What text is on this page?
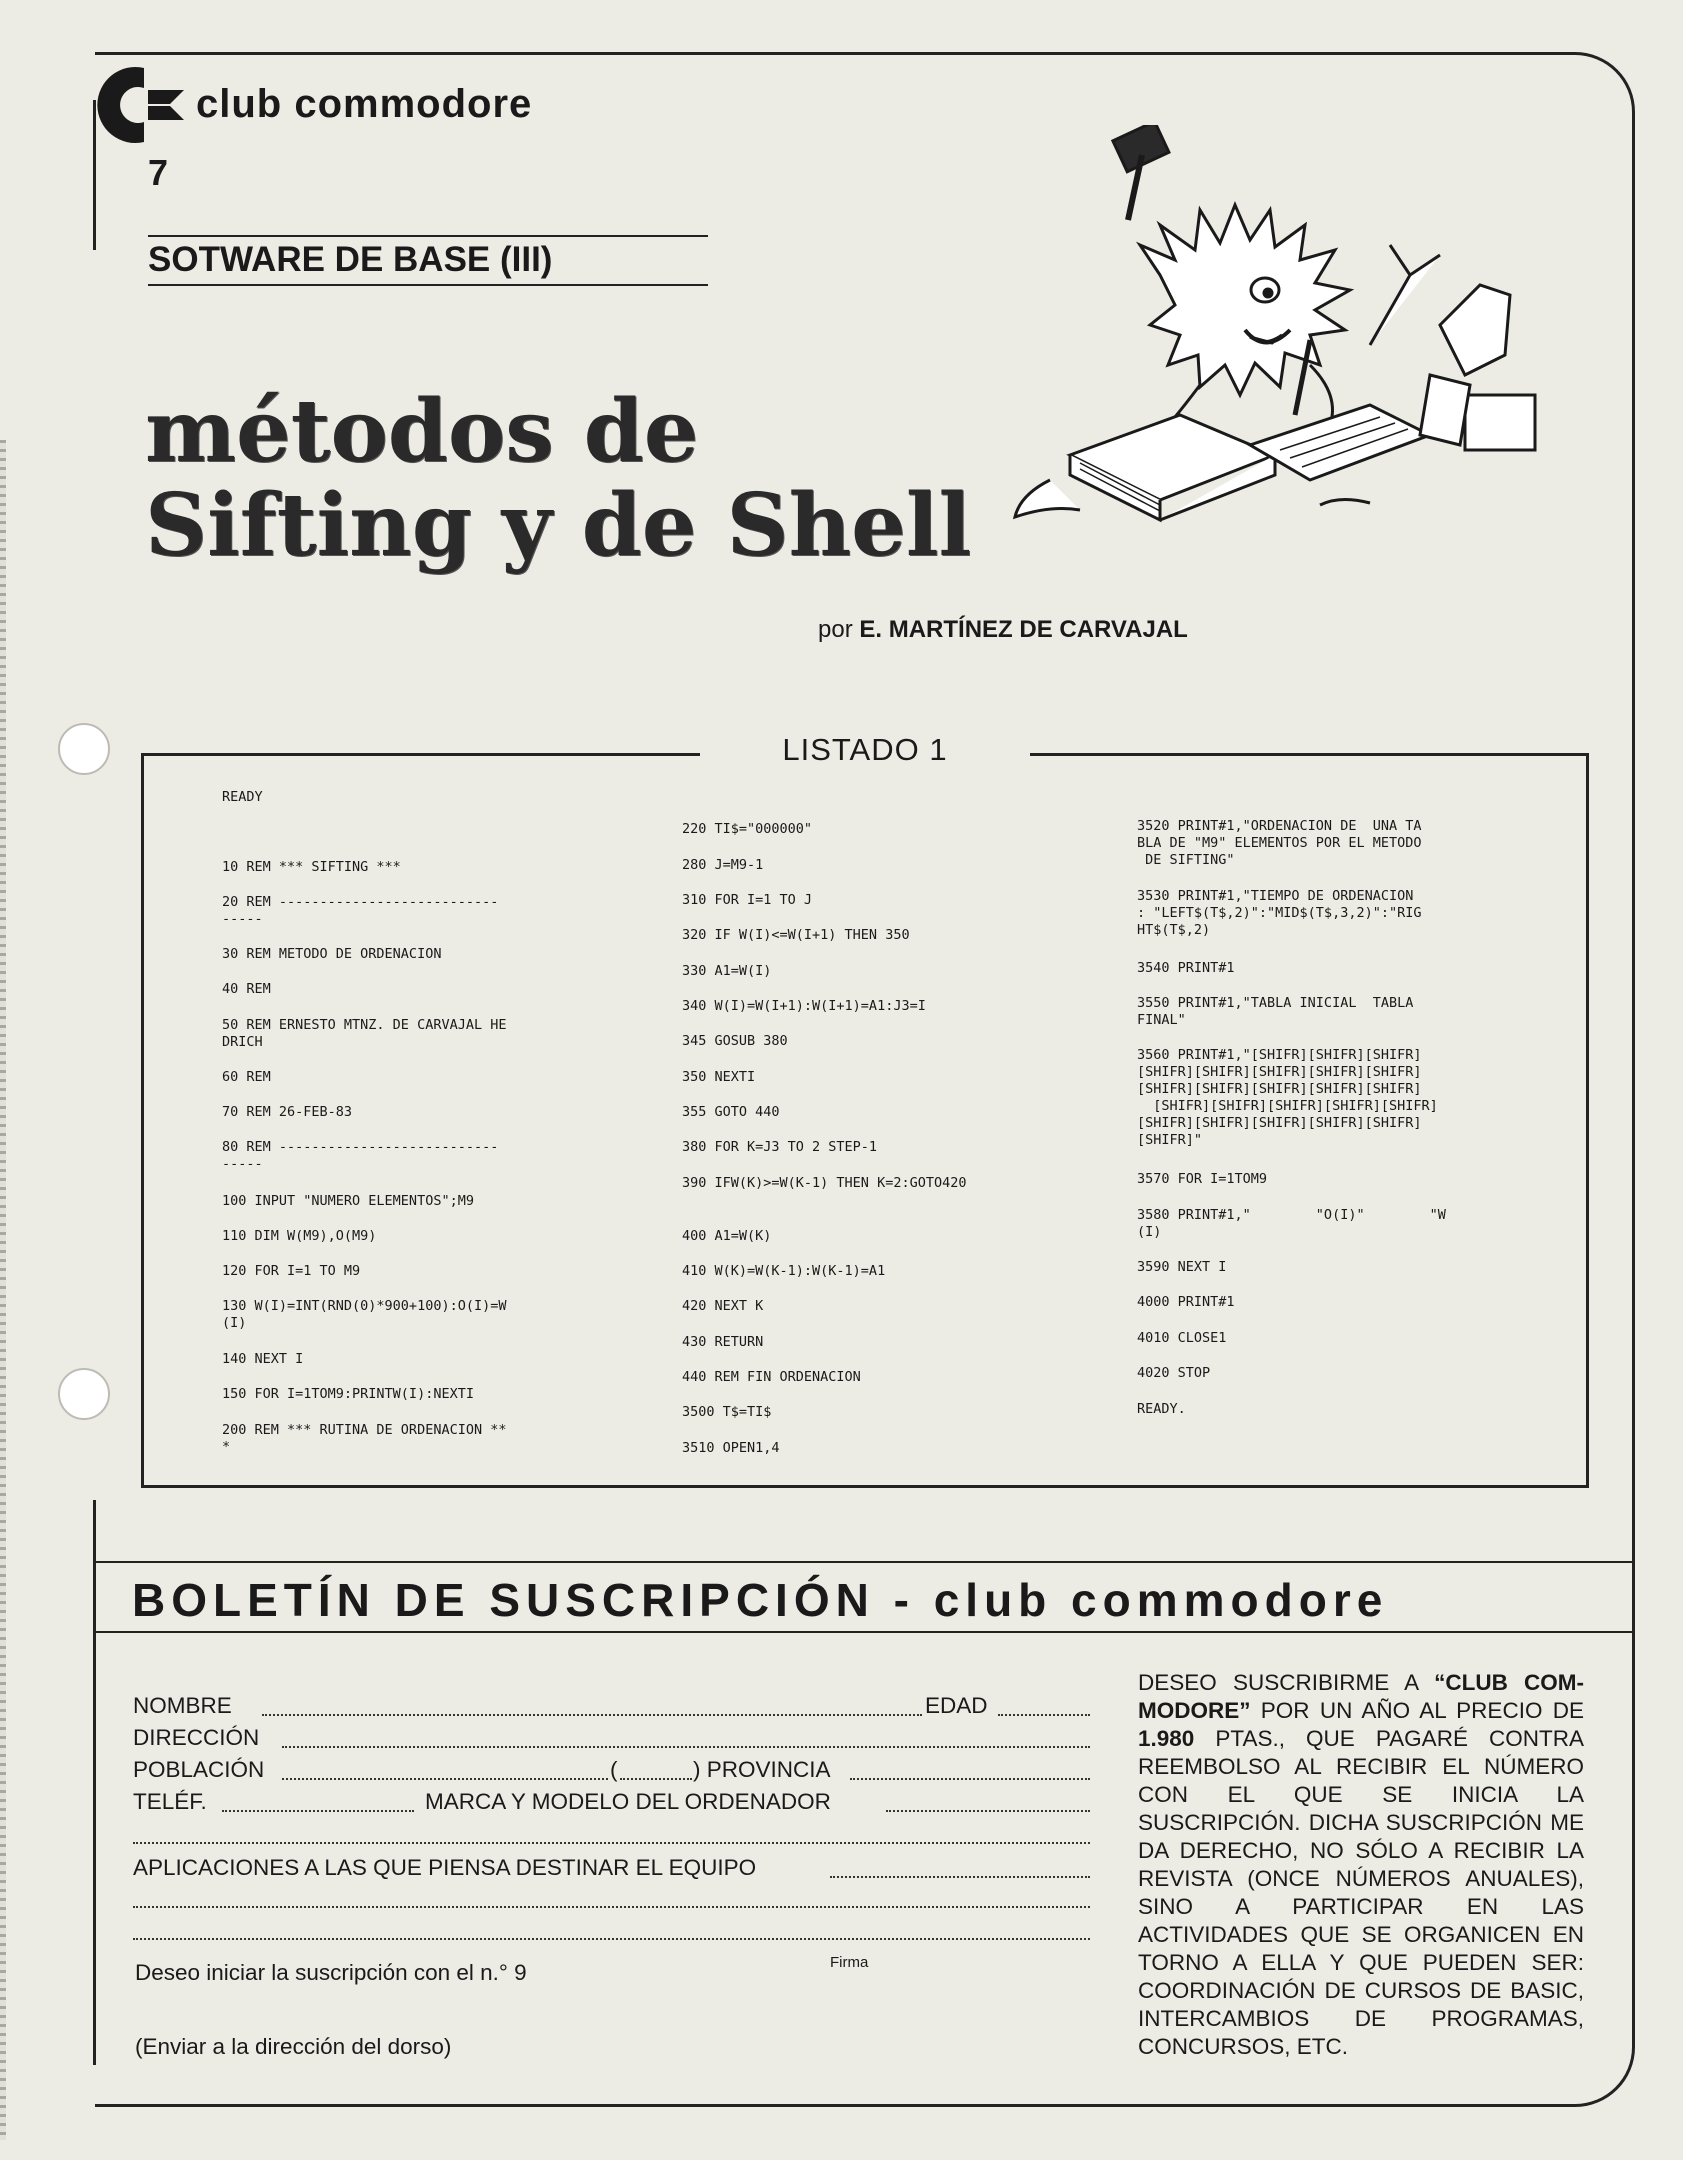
club commodore
7
SOTWARE DE BASE (III)
métodos de
Sifting y de Shell
por E. MARTÍNEZ DE CARVAJAL
LISTADO 1
READY
10 REM *** SIFTING ***
20 REM ---------------------------
-----
30 REM METODO DE ORDENACION
40 REM
50 REM ERNESTO MTNZ. DE CARVAJAL HE
DRICH
60 REM
70 REM 26-FEB-83
80 REM ---------------------------
-----
100 INPUT "NUMERO ELEMENTOS";M9
110 DIM W(M9),O(M9)
120 FOR I=1 TO M9
130 W(I)=INT(RND(0)*900+100):O(I)=W
(I)
140 NEXT I
150 FOR I=1TOM9:PRINTW(I):NEXTI
200 REM *** RUTINA DE ORDENACION **
*
220 TI$="000000"
280 J=M9-1
310 FOR I=1 TO J
320 IF W(I)<=W(I+1) THEN 350
330 A1=W(I)
340 W(I)=W(I+1):W(I+1)=A1:J3=I
345 GOSUB 380
350 NEXTI
355 GOTO 440
380 FOR K=J3 TO 2 STEP-1
390 IFW(K)>=W(K-1) THEN K=2:GOTO420
400 A1=W(K)
410 W(K)=W(K-1):W(K-1)=A1
420 NEXT K
430 RETURN
440 REM FIN ORDENACION
3500 T$=TI$
3510 OPEN1,4
3520 PRINT#1,"ORDENACION DE  UNA TA
BLA DE "M9" ELEMENTOS POR EL METODO
DE SIFTING"
3530 PRINT#1,"TIEMPO DE ORDENACION
: "LEFT$(T$,2)":"MID$(T$,3,2)":"RIG
HT$(T$,2)
3540 PRINT#1
3550 PRINT#1,"TABLA INICIAL  TABLA
FINAL"
3560 PRINT#1,"[SHIFR][SHIFR][SHIFR]
[SHIFR][SHIFR][SHIFR][SHIFR][SHIFR]
[SHIFR][SHIFR][SHIFR][SHIFR][SHIFR]
[SHIFR][SHIFR][SHIFR][SHIFR][SHIFR]
[SHIFR][SHIFR][SHIFR][SHIFR][SHIFR]
[SHIFR]"
3570 FOR I=1TOM9
3580 PRINT#1,"        "O(I)"        "W
(I)
3590 NEXT I
4000 PRINT#1
4010 CLOSE1
4020 STOP
READY.
BOLETÍN DE SUSCRIPCIÓN - club commodore
NOMBRE	EDAD
DIRECCIÓN
POBLACIÓN	(	) PROVINCIA
TELÉF.	MARCA Y MODELO DEL ORDENADOR
APLICACIONES A LAS QUE PIENSA DESTINAR EL EQUIPO
Deseo iniciar la suscripción con el n.° 9	Firma
(Enviar a la dirección del dorso)
DESEO SUSCRIBIRME A “CLUB COM-MODORE” POR UN AÑO AL PRECIO DE 1.980 PTAS., QUE PAGARÉ CONTRA REEMBOLSO AL RECIBIR EL NÚMERO CON EL QUE SE INICIA LA SUSCRIPCIÓN. DICHA SUSCRIPCIÓN ME DA DERECHO, NO SÓLO A RECIBIR LA REVISTA (ONCE NÚMEROS ANUALES), SINO A PARTICIPAR EN LAS ACTIVIDADES QUE SE ORGANICEN EN TORNO A ELLA Y QUE PUEDEN SER: COORDINACIÓN DE CURSOS DE BASIC, INTERCAMBIOS DE PROGRAMAS, CONCURSOS, ETC.
